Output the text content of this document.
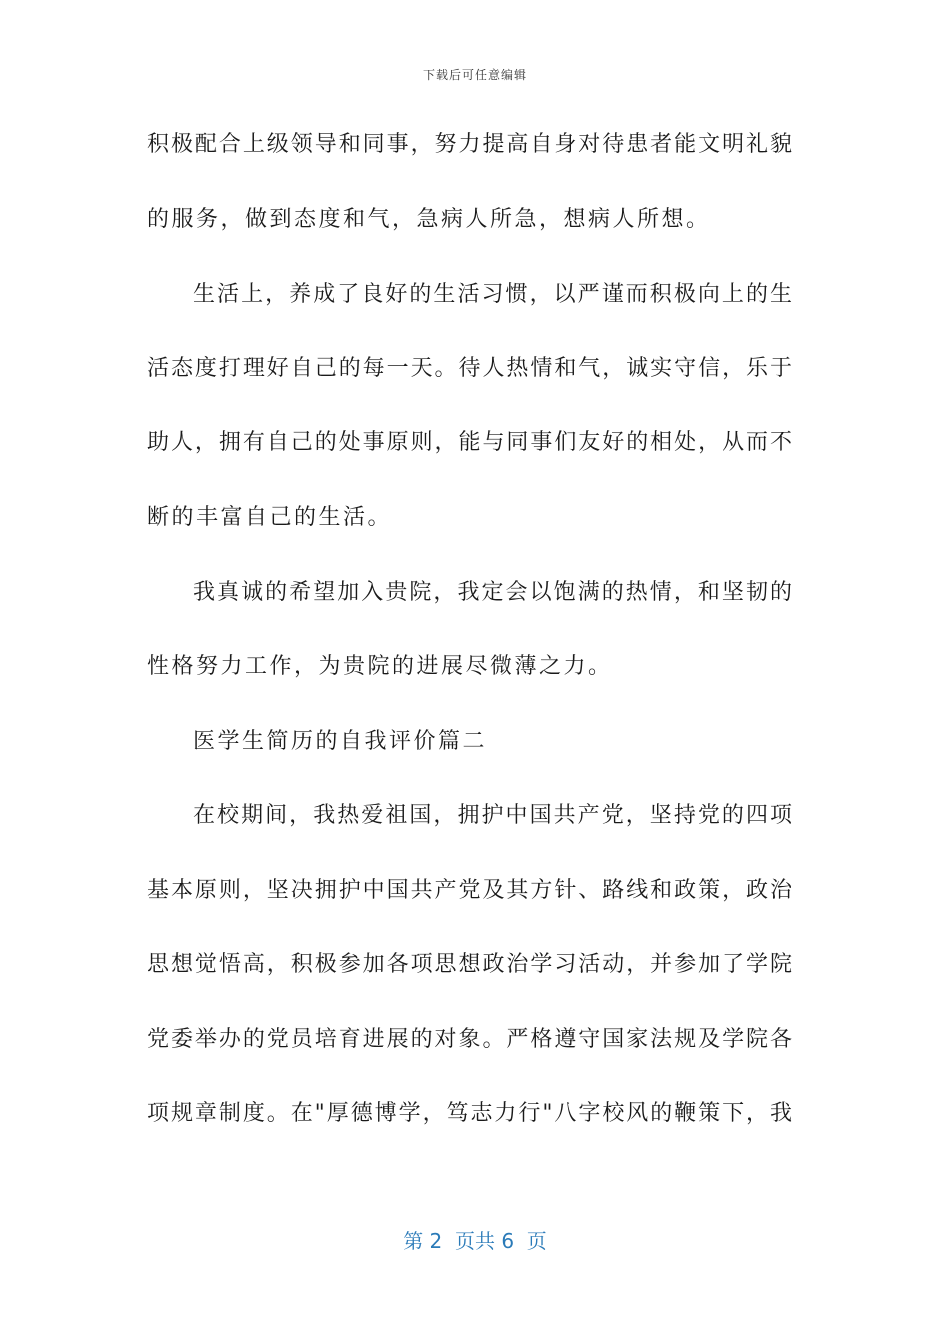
下载后可任意编辑
积极配合上级领导和同事，努力提高自身对待患者能文明礼貌
的服务，做到态度和气，急病人所急，想病人所想。
生活上，养成了良好的生活习惯，以严谨而积极向上的生
活态度打理好自己的每一天。待人热情和气，诚实守信，乐于
助人，拥有自己的处事原则，能与同事们友好的相处，从而不
断的丰富自己的生活。
我真诚的希望加入贵院，我定会以饱满的热情，和坚韧的
性格努力工作，为贵院的进展尽微薄之力。
医学生简历的自我评价篇二
在校期间，我热爱祖国，拥护中国共产党，坚持党的四项
基本原则，坚决拥护中国共产党及其方针、路线和政策，政治
思想觉悟高，积极参加各项思想政治学习活动，并参加了学院
党委举办的党员培育进展的对象。严格遵守国家法规及学院各
项规章制度。在"厚德博学，笃志力行"八字校风的鞭策下，我
第 2  页共 6  页
